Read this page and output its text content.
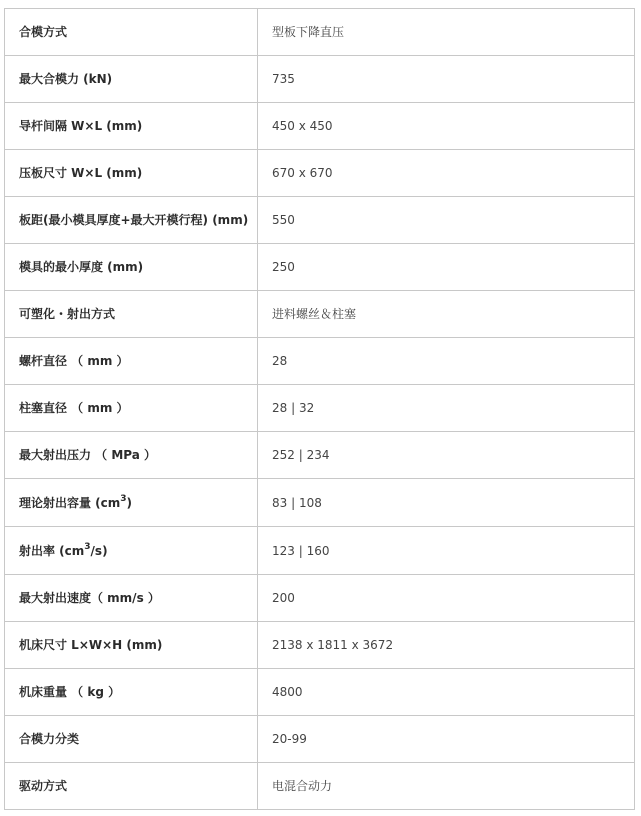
合模方式	型板下降直压
最大合模力 (kN)	735
导杆间隔 W×L (mm)	450 x 450
压板尺寸 W×L (mm)	670 x 670
板距(最小模具厚度+最大开模行程) (mm)	550
模具的最小厚度 (mm)	250
可塑化・射出方式	进料螺丝＆柱塞
螺杆直径 （ mm ）	28
柱塞直径 （ mm ）	28 | 32
最大射出压力 （ MPa ）	252 | 234
理论射出容量 $(cm^3)$	83 | 108
射出率 $(cm^3/s)$	123 | 160
最大射出速度（ mm/s ）	200
机床尺寸 L×W×H (mm)	2138 x 1811 x 3672
机床重量 （ kg ）	4800
合模力分类	20-99
驱动方式	电混合动力
